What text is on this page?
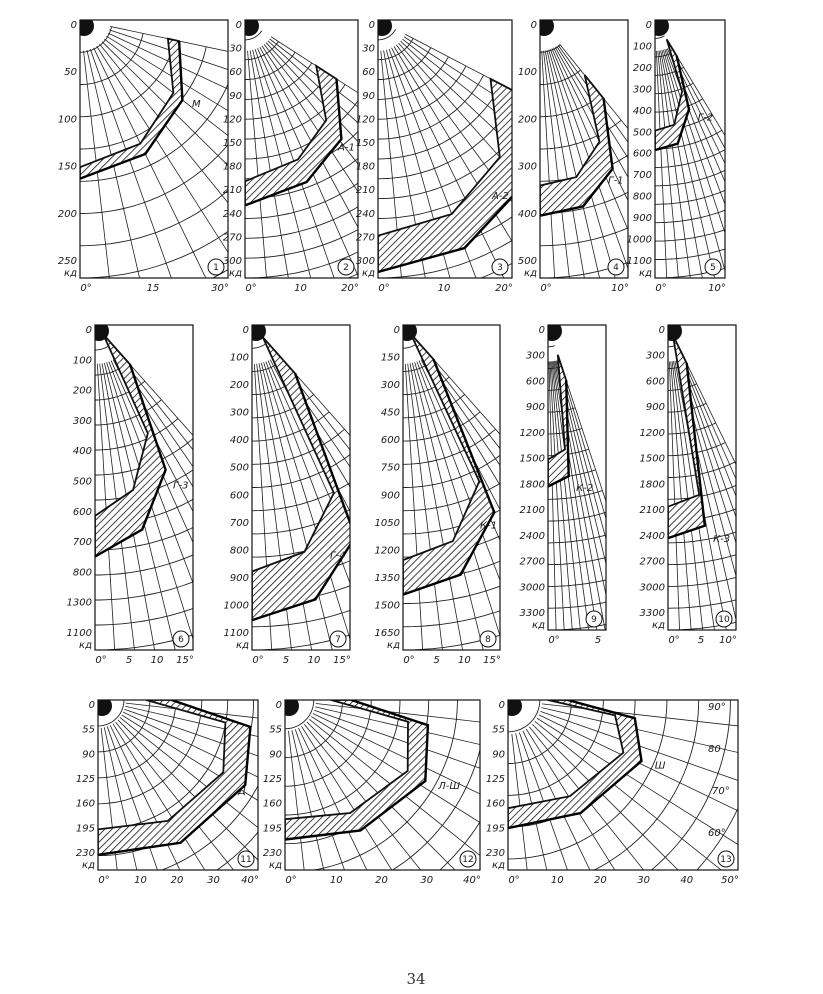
0
50
100
150
200
250
кд
0°	15	30°
M
1
0
30
60
90
120
150
180
210
240
270
300
кд
0°	10	20°
А-1
2
0
30
60
90
120
150
180
210
240
270
300
кд
0°	10	20°
А-2
3
0
100
200
300
400
500
кд
0°	10°
Г-1
4
0
100
200
300
400
500
600
700
800
900
1000
1100
кд
0°	10°
Г-2
5
0
100
200
300
400
500
600
700
800
1300
1100
кд
0° 5 10 15°
Г-3
6
0
100
200
300
400
500
600
700
800
900
1000
1100
кд
0° 5 10 15°
Г-4
7
0
150
300
450
600
750
900
1050
1200
1350
1500
1650
кд
0° 5 10 15°
К-1
8
0
300
600
900
1200
1500
1800
2100
2400
2700
3000
3300
кд
0°	5
К-2
9
0
300
600
900
1200
1500
1800
2100
2400
2700
3000
3300
кд
0° 5 10°
К-3
10
0
55
90
125
160
195
230
кд
0° 10 20 30 40°
Д
11
0
55
90
125
160
195
230
кд
0°	10	20	30	40°
Л-Ш
12
0
55
90
125
160
195
230
кд
0°	10	20	30	40	50°
Ш
13
90°
80
70°
60°
34
